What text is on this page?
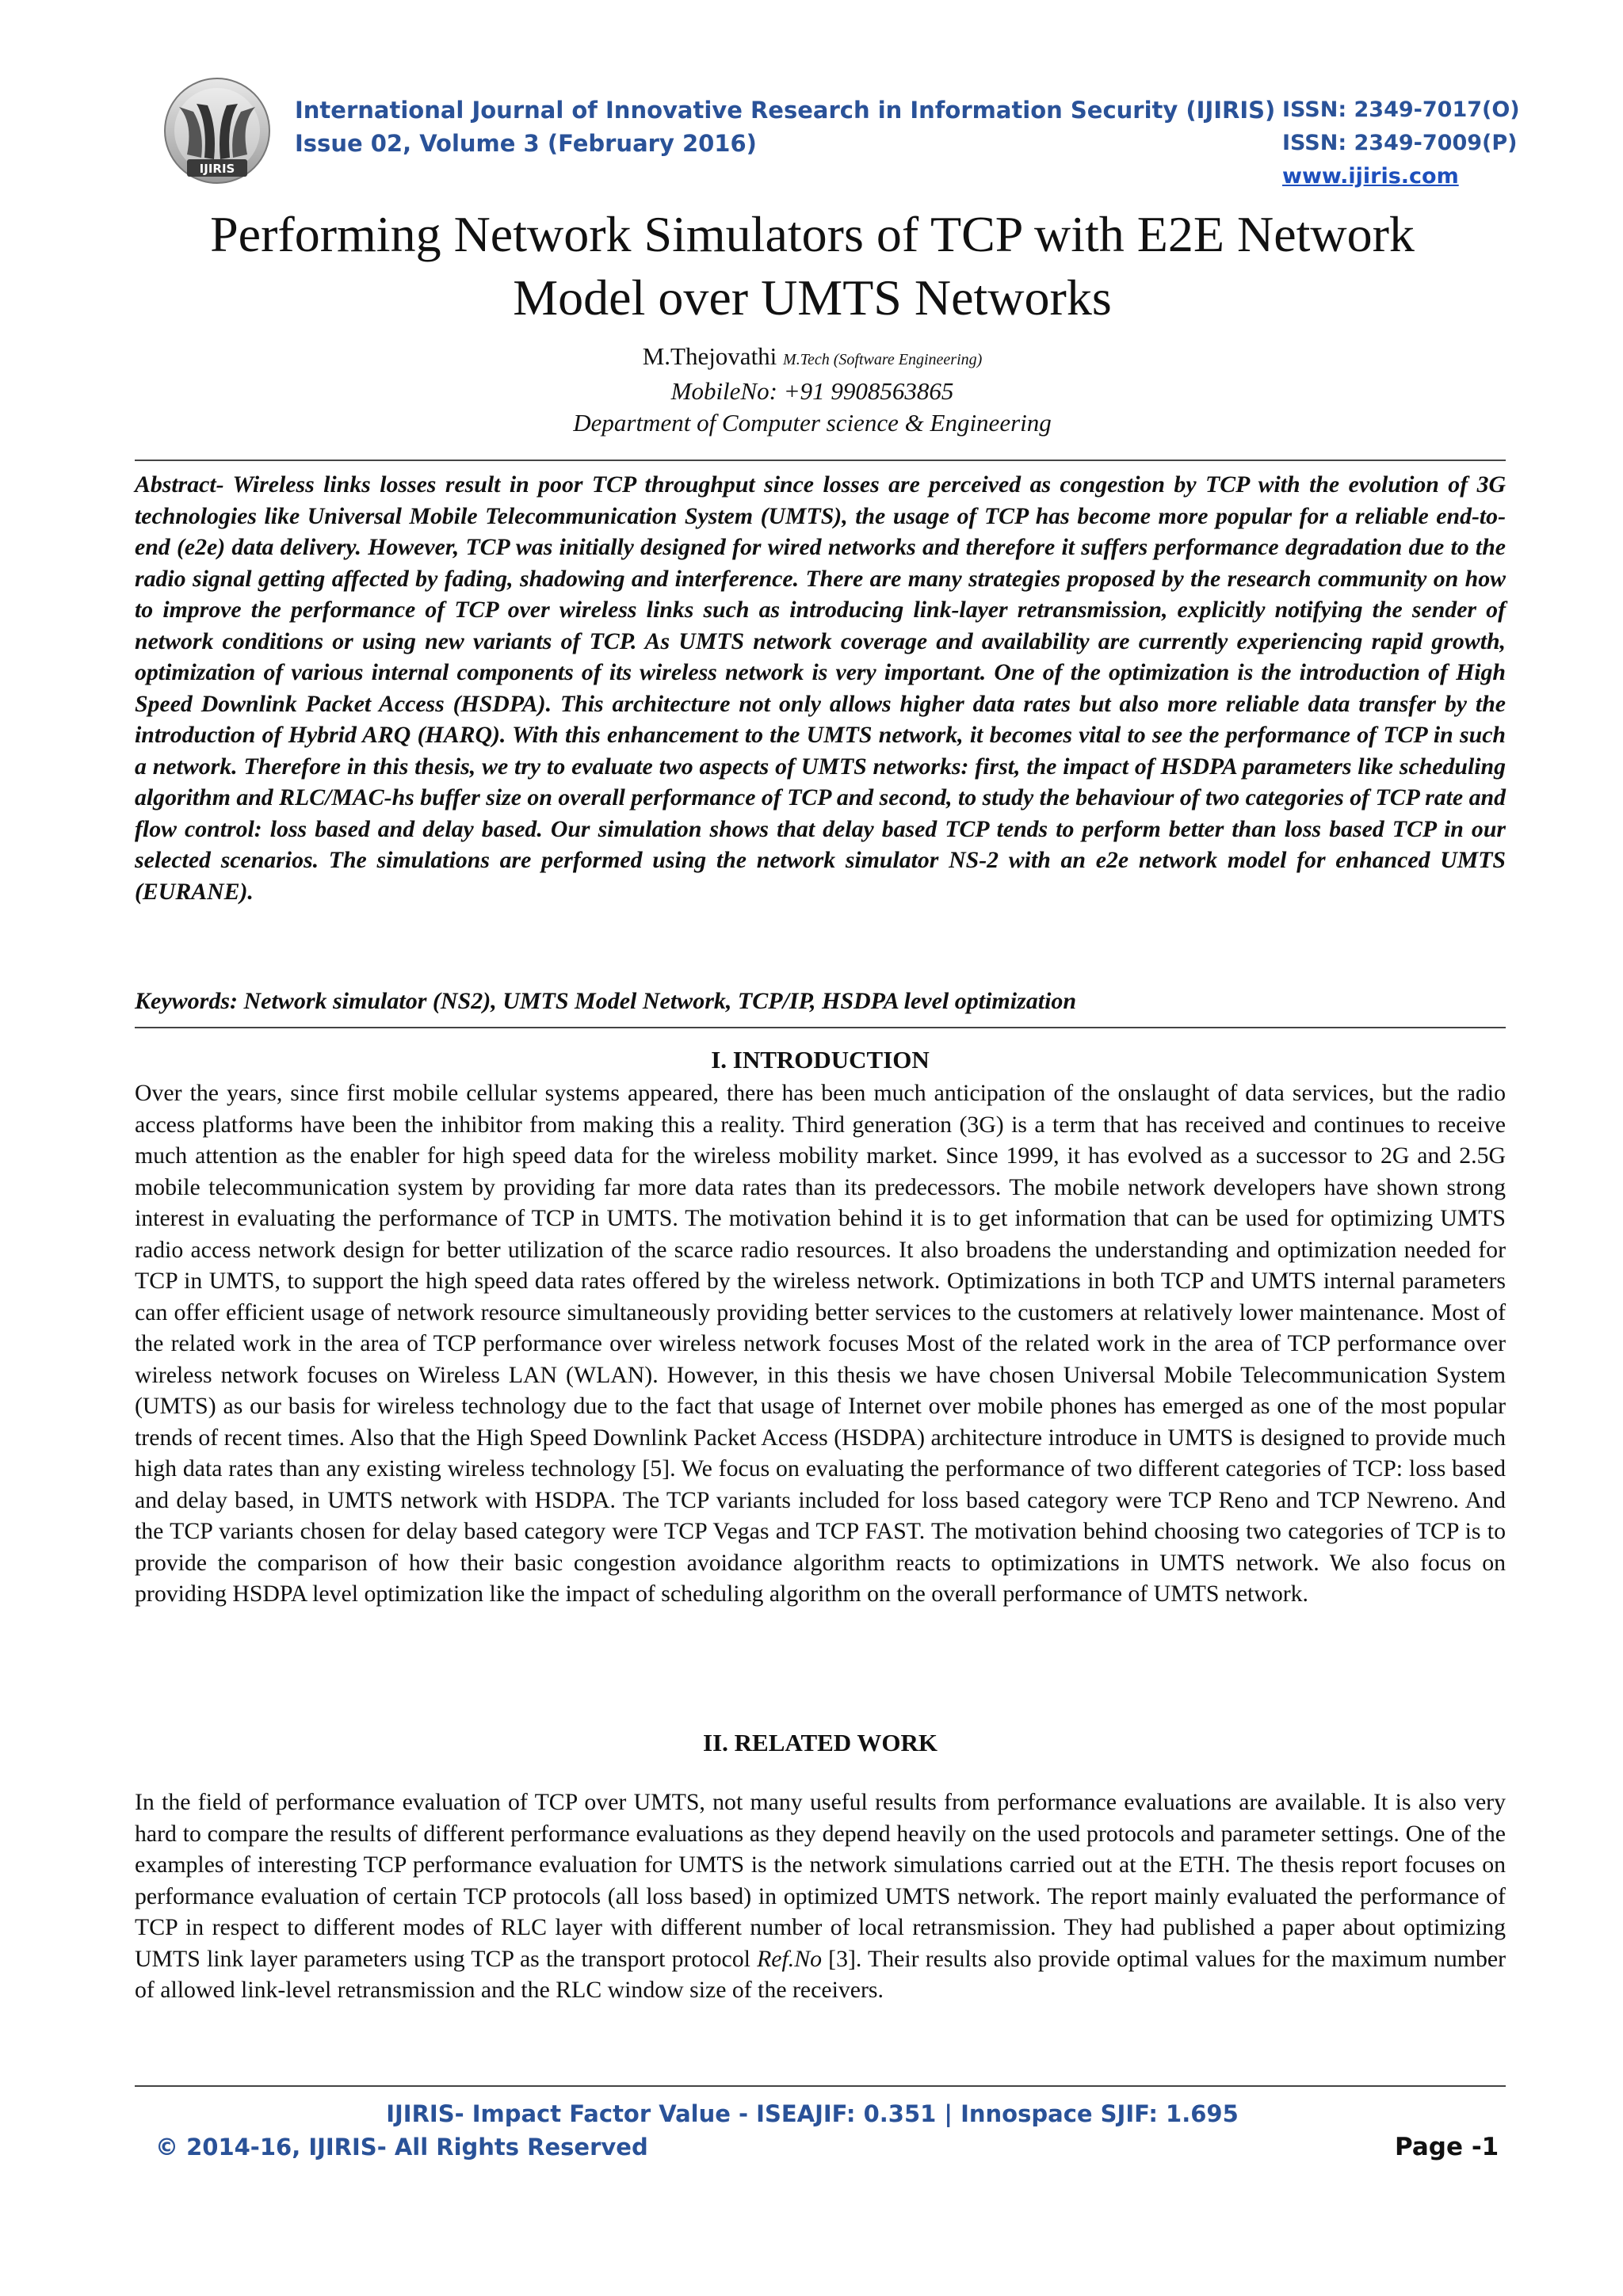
IJIRIS
International Journal of Innovative Research in Information Security (IJIRIS)
Issue 02, Volume 3 (February 2016)
ISSN: 2349-7017(O)
ISSN: 2349-7009(P)
www.ijiris.com
Performing Network Simulators of TCP with E2E Network
Model over UMTS Networks
M.Thejovathi M.Tech (Software Engineering)
MobileNo: +91 9908563865
Department of Computer science & Engineering
Abstract- Wireless links losses result in poor TCP throughput since losses are perceived as congestion by TCP with the evolution of 3G technologies like Universal Mobile Telecommunication System (UMTS), the usage of TCP has become more popular for a reliable end-to-end (e2e) data delivery. However, TCP was initially designed for wired networks and therefore it suffers performance degradation due to the radio signal getting affected by fading, shadowing and interference. There are many strategies proposed by the research community on how to improve the performance of TCP over wireless links such as introducing link-layer retransmission, explicitly notifying the sender of network conditions or using new variants of TCP. As UMTS network coverage and availability are currently experiencing rapid growth, optimization of various internal components of its wireless network is very important. One of the optimization is the introduction of High Speed Downlink Packet Access (HSDPA). This architecture not only allows higher data rates but also more reliable data transfer by the introduction of Hybrid ARQ (HARQ). With this enhancement to the UMTS network, it becomes vital to see the performance of TCP in such a network. Therefore in this thesis, we try to evaluate two aspects of UMTS networks: first, the impact of HSDPA parameters like scheduling algorithm and RLC/MAC-hs buffer size on overall performance of TCP and second, to study the behaviour of two categories of TCP rate and flow control: loss based and delay based. Our simulation shows that delay based TCP tends to perform better than loss based TCP in our selected scenarios. The simulations are performed using the network simulator NS-2 with an e2e network model for enhanced UMTS (EURANE).
Keywords: Network simulator (NS2), UMTS Model Network, TCP/IP, HSDPA level optimization
I. INTRODUCTION
Over the years, since first mobile cellular systems appeared, there has been much anticipation of the onslaught of data services, but the radio access platforms have been the inhibitor from making this a reality. Third generation (3G) is a term that has received and continues to receive much attention as the enabler for high speed data for the wireless mobility market. Since 1999, it has evolved as a successor to 2G and 2.5G mobile telecommunication system by providing far more data rates than its predecessors. The mobile network developers have shown strong interest in evaluating the performance of TCP in UMTS. The motivation behind it is to get information that can be used for optimizing UMTS radio access network design for better utilization of the scarce radio resources. It also broadens the understanding and optimization needed for TCP in UMTS, to support the high speed data rates offered by the wireless network. Optimizations in both TCP and UMTS internal parameters can offer efficient usage of network resource simultaneously providing better services to the customers at relatively lower maintenance. Most of the related work in the area of TCP performance over wireless network focuses Most of the related work in the area of TCP performance over wireless network focuses on Wireless LAN (WLAN). However, in this thesis we have chosen Universal Mobile Telecommunication System (UMTS) as our basis for wireless technology due to the fact that usage of Internet over mobile phones has emerged as one of the most popular trends of recent times. Also that the High Speed Downlink Packet Access (HSDPA) architecture introduce in UMTS is designed to provide much high data rates than any existing wireless technology [5]. We focus on evaluating the performance of two different categories of TCP: loss based and delay based, in UMTS network with HSDPA. The TCP variants included for loss based category were TCP Reno and TCP Newreno. And the TCP variants chosen for delay based category were TCP Vegas and TCP FAST. The motivation behind choosing two categories of TCP is to provide the comparison of how their basic congestion avoidance algorithm reacts to optimizations in UMTS network. We also focus on providing HSDPA level optimization like the impact of scheduling algorithm on the overall performance of UMTS network.
II. RELATED WORK
In the field of performance evaluation of TCP over UMTS, not many useful results from performance evaluations are available. It is also very hard to compare the results of different performance evaluations as they depend heavily on the used protocols and parameter settings. One of the examples of interesting TCP performance evaluation for UMTS is the network simulations carried out at the ETH. The thesis report focuses on performance evaluation of certain TCP protocols (all loss based) in optimized UMTS network. The report mainly evaluated the performance of TCP in respect to different modes of RLC layer with different number of local retransmission. They had published a paper about optimizing UMTS link layer parameters using TCP as the transport protocol Ref.No [3]. Their results also provide optimal values for the maximum number of allowed link-level retransmission and the RLC window size of the receivers.
IJIRIS- Impact Factor Value - ISEAJIF: 0.351 | Innospace SJIF: 1.695
© 2014-16, IJIRIS- All Rights Reserved	Page -1
